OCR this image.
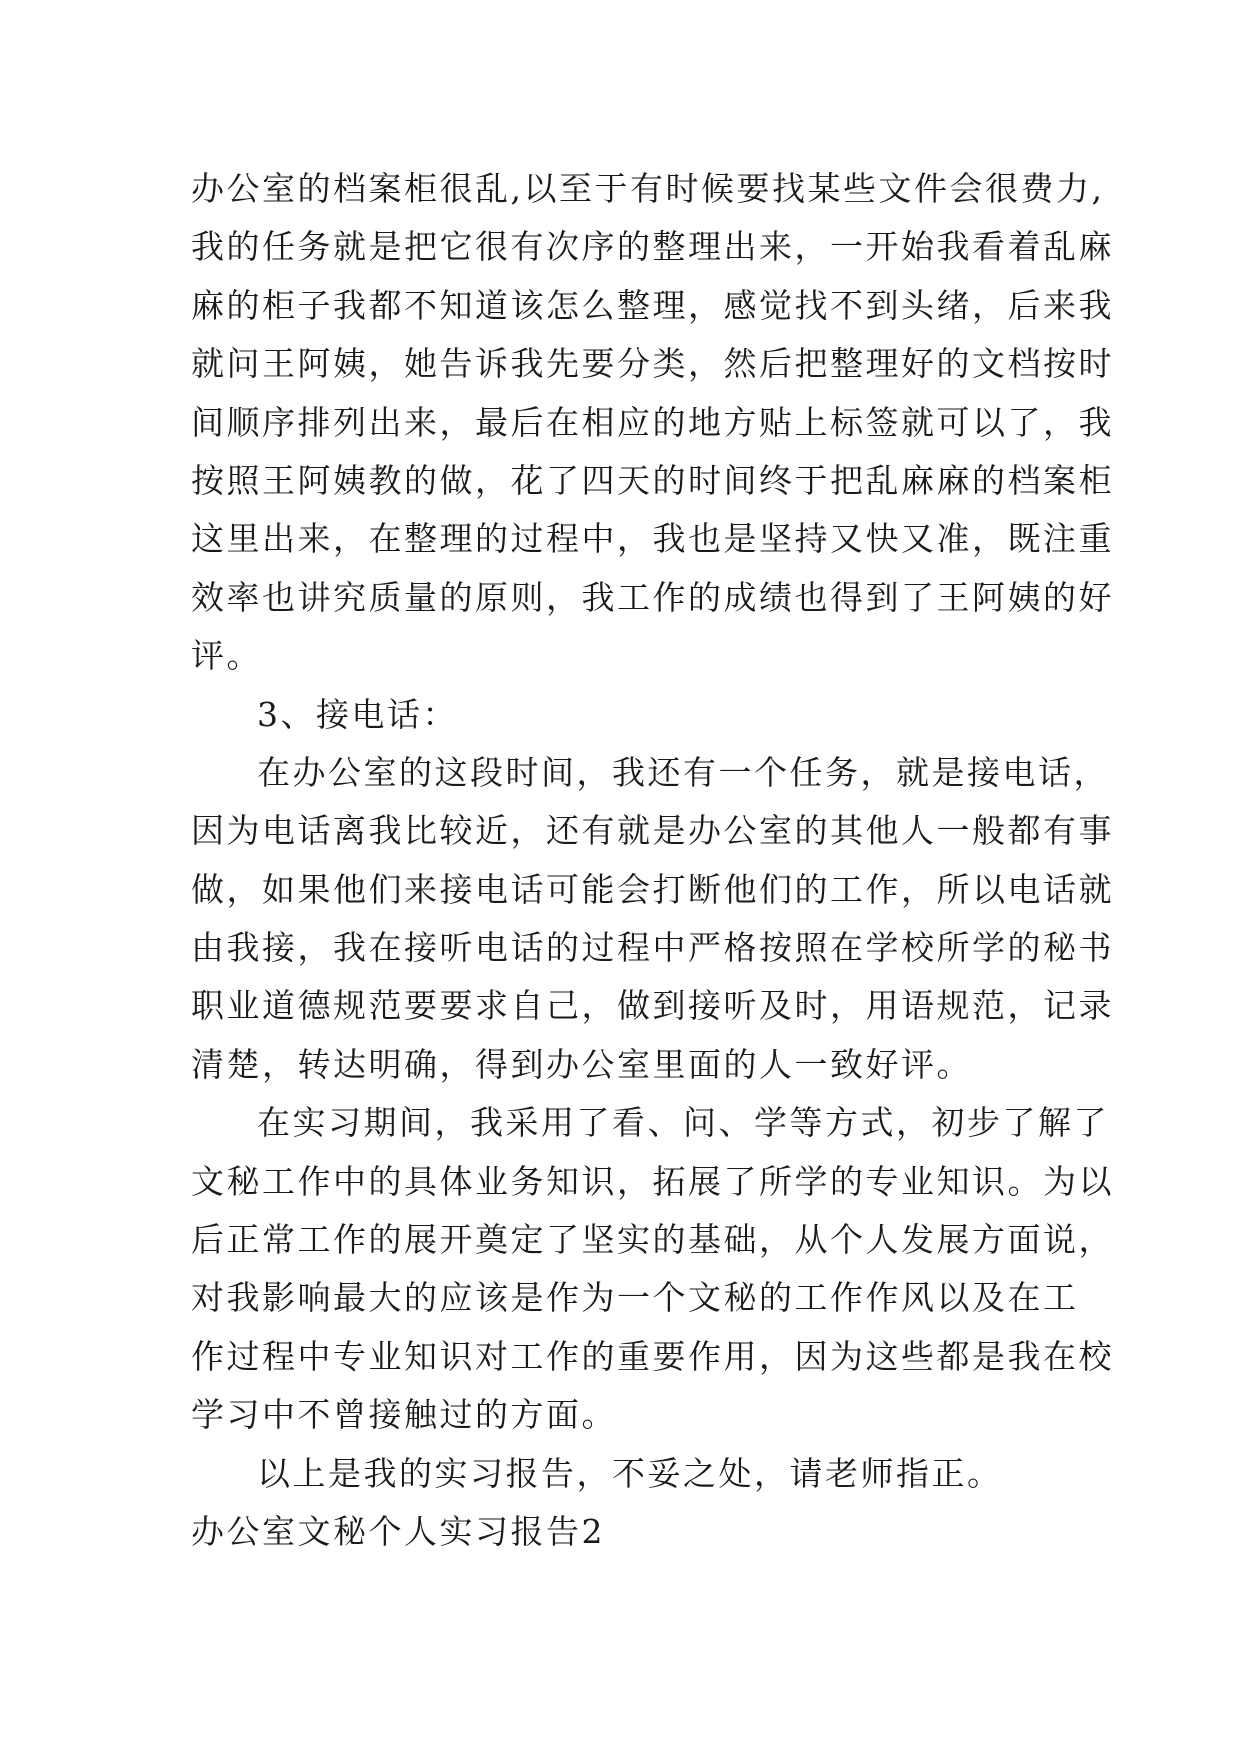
办公室的档案柜很乱,以至于有时候要找某些文件会很费力,
我的任务就是把它很有次序的整理出来，一开始我看着乱麻
麻的柜子我都不知道该怎么整理，感觉找不到头绪，后来我
就问王阿姨，她告诉我先要分类，然后把整理好的文档按时
间顺序排列出来，最后在相应的地方贴上标签就可以了，我
按照王阿姨教的做，花了四天的时间终于把乱麻麻的档案柜
这里出来，在整理的过程中，我也是坚持又快又准，既注重
效率也讲究质量的原则，我工作的成绩也得到了王阿姨的好
评。
3、接电话：
在办公室的这段时间，我还有一个任务，就是接电话，
因为电话离我比较近，还有就是办公室的其他人一般都有事
做，如果他们来接电话可能会打断他们的工作，所以电话就
由我接，我在接听电话的过程中严格按照在学校所学的秘书
职业道德规范要要求自己，做到接听及时，用语规范，记录
清楚，转达明确，得到办公室里面的人一致好评。
在实习期间，我采用了看、问、学等方式，初步了解了
文秘工作中的具体业务知识，拓展了所学的专业知识。为以
后正常工作的展开奠定了坚实的基础，从个人发展方面说，
对我影响最大的应该是作为一个文秘的工作作风以及在工
作过程中专业知识对工作的重要作用，因为这些都是我在校
学习中不曾接触过的方面。
以上是我的实习报告，不妥之处，请老师指正。
办公室文秘个人实习报告2
